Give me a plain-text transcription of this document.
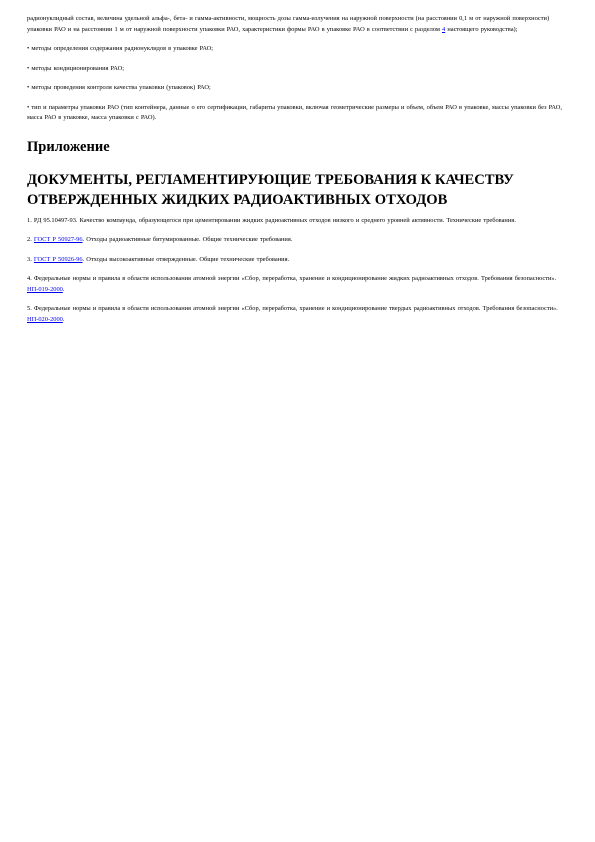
радионуклидный состав, величина удельной альфа-, бета- и гамма-активности, мощность дозы гамма-излучения на наружной поверхности (на расстоянии 0,1 м от наружной поверхности) упаковки РАО и на расстоянии 1 м от наружной поверхности упаковки РАО, характеристики формы РАО в упаковке РАО в соответствии с разделом 4 настоящего руководства);

• методы определения содержания радионуклидов в упаковке РАО;

• методы кондиционирования РАО;

• методы проведения контроля качества упаковки (упаковок) РАО;

• тип и параметры упаковки РАО (тип контейнера, данные о его сертификации, габариты упаковки, включая геометрические размеры и объем, объем РАО в упаковке, массы упаковки без РАО, масса РАО в упаковке, масса упаковки с РАО).

Приложение
ДОКУМЕНТЫ, РЕГЛАМЕНТИРУЮЩИЕ ТРЕБОВАНИЯ К КАЧЕСТВУ ОТВЕРЖДЕННЫХ ЖИДКИХ РАДИОАКТИВНЫХ ОТХОДОВ

1. РД 95.10497-93. Качество компаунда, образующегося при цементировании жидких радиоактивных отходов низкого и среднего уровней активности. Технические требования.

2. ГОСТ Р 50927-96. Отходы радиоактивные битумированные. Общие технические требования.

3. ГОСТ Р 50926-96. Отходы высокоактивные отвержденные. Общие технические требования.

4. Федеральные нормы и правила в области использования атомной энергии «Сбор, переработка, хранение и кондиционирование жидких радиоактивных отходов. Требования безопасности». НП-019-2000.

5. Федеральные нормы и правила в области использования атомной энергии «Сбор, переработка, хранение и кондиционирование твердых радиоактивных отходов. Требования безопасности». НП-020-2000.
